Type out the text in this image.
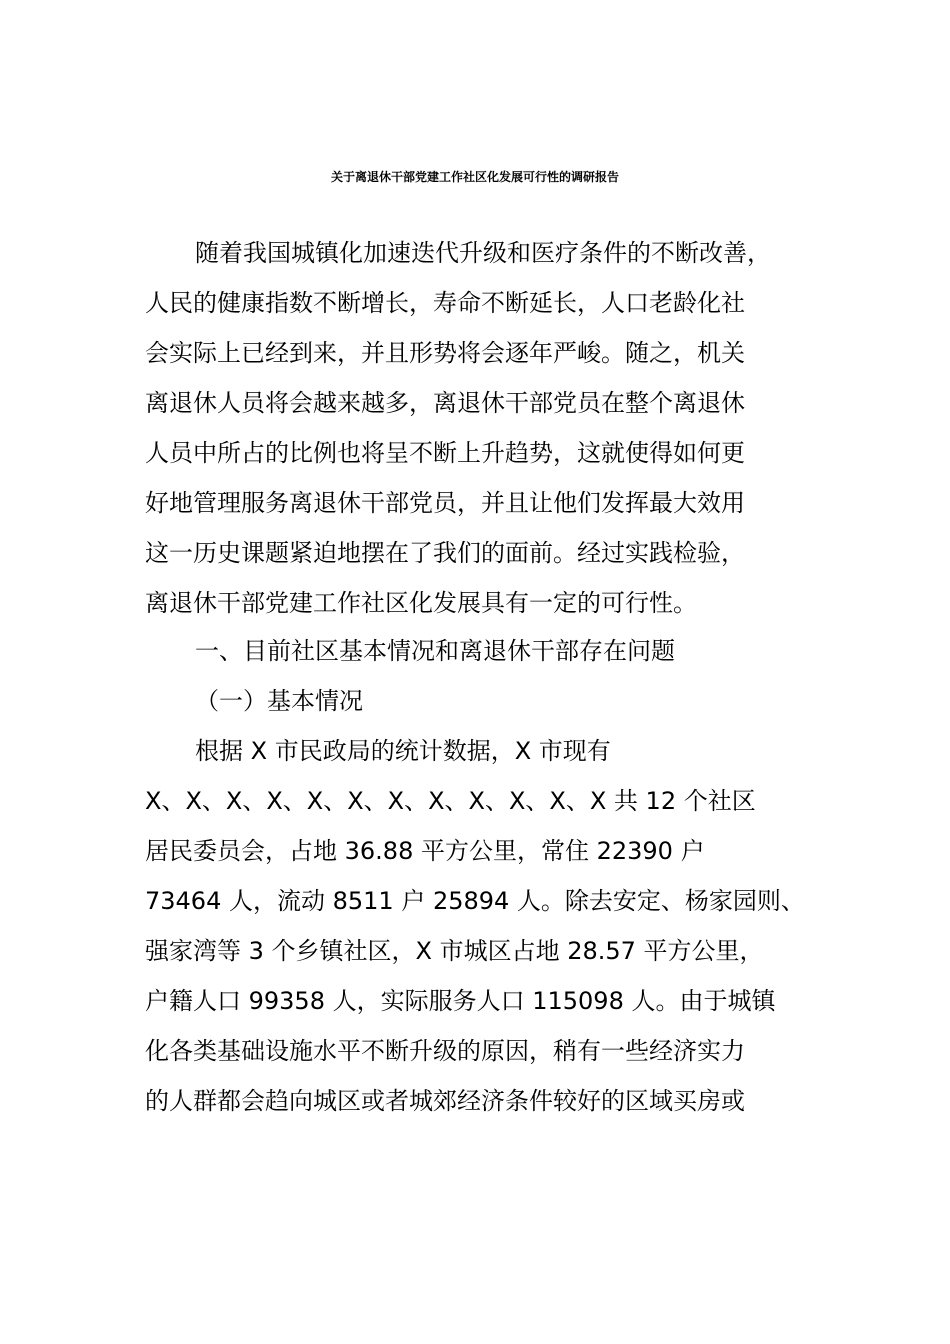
关于离退休干部党建工作社区化发展可行性的调研报告
随着我国城镇化加速迭代升级和医疗条件的不断改善，
人民的健康指数不断增长，寿命不断延长，人口老龄化社
会实际上已经到来，并且形势将会逐年严峻。随之，机关
离退休人员将会越来越多，离退休干部党员在整个离退休
人员中所占的比例也将呈不断上升趋势，这就使得如何更
好地管理服务离退休干部党员，并且让他们发挥最大效用
这一历史课题紧迫地摆在了我们的面前。经过实践检验，
离退休干部党建工作社区化发展具有一定的可行性。
一、目前社区基本情况和离退休干部存在问题
（一）基本情况
根据 X 市民政局的统计数据，X 市现有
X、X、X、X、X、X、X、X、X、X、X、X 共 12 个社区
居民委员会，占地 36.88 平方公里，常住 22390 户
73464 人，流动 8511 户 25894 人。除去安定、杨家园则、
强家湾等 3 个乡镇社区，X 市城区占地 28.57 平方公里，
户籍人口 99358 人，实际服务人口 115098 人。由于城镇
化各类基础设施水平不断升级的原因，稍有一些经济实力
的人群都会趋向城区或者城郊经济条件较好的区域买房或
